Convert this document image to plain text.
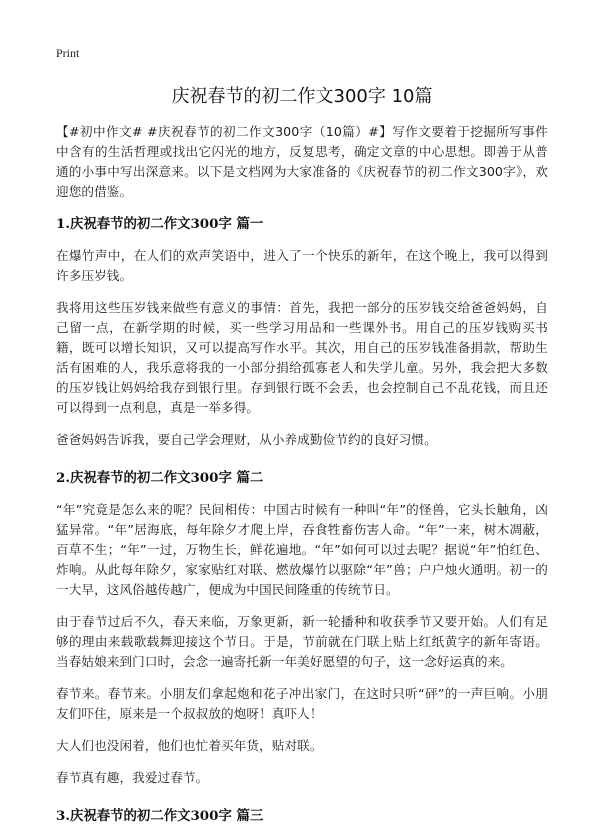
Print

庆祝春节的初二作文300字 10篇

【#初中作文# #庆祝春节的初二作文300字（10篇）#】写作文要着于挖掘所写事件中含有的生活哲理或找出它闪光的地方，反复思考，确定文章的中心思想。即善于从普通的小事中写出深意来。以下是文档网为大家准备的《庆祝春节的初二作文300字》，欢迎您的借鉴。

1.庆祝春节的初二作文300字 篇一

在爆竹声中，在人们的欢声笑语中，进入了一个快乐的新年，在这个晚上，我可以得到许多压岁钱。

我将用这些压岁钱来做些有意义的事情：首先，我把一部分的压岁钱交给爸爸妈妈，自己留一点，在新学期的时候，买一些学习用品和一些课外书。用自己的压岁钱购买书籍，既可以增长知识，又可以提高写作水平。其次，用自己的压岁钱准备捐款，帮助生活有困难的人，我乐意将我的一小部分捐给孤寡老人和失学儿童。另外，我会把大多数的压岁钱让妈妈给我存到银行里。存到银行既不会丢，也会控制自己不乱花钱，而且还可以得到一点利息，真是一举多得。

爸爸妈妈告诉我，要自己学会理财，从小养成勤俭节约的良好习惯。

2.庆祝春节的初二作文300字 篇二

“年”究竟是怎么来的呢？民间相传：中国古时候有一种叫“年”的怪兽，它头长触角，凶猛异常。“年”居海底，每年除夕才爬上岸，吞食牲畜伤害人命。“年”一来，树木凋蔽，百草不生；“年”一过，万物生长，鲜花遍地。“年”如何可以过去呢？据说“年”怕红色、炸响。从此每年除夕，家家贴红对联、燃放爆竹以驱除“年”兽；户户烛火通明。初一的一大早，这风俗越传越广，便成为中国民间隆重的传统节日。

由于春节过后不久，春天来临，万象更新，新一轮播种和收获季节又要开始。人们有足够的理由来载歌载舞迎接这个节日。于是，节前就在门联上贴上红纸黄字的新年寄语。当春姑娘来到门口时，会念一遍寄托新一年美好愿望的句子，这一念好运真的来。

春节来。春节来。小朋友们拿起炮和花子冲出家门，在这时只听“砰”的一声巨响。小朋友们吓住，原来是一个叔叔放的炮呀！真吓人！

大人们也没闲着，他们也忙着买年货，贴对联。

春节真有趣，我爱过春节。

3.庆祝春节的初二作文300字 篇三
